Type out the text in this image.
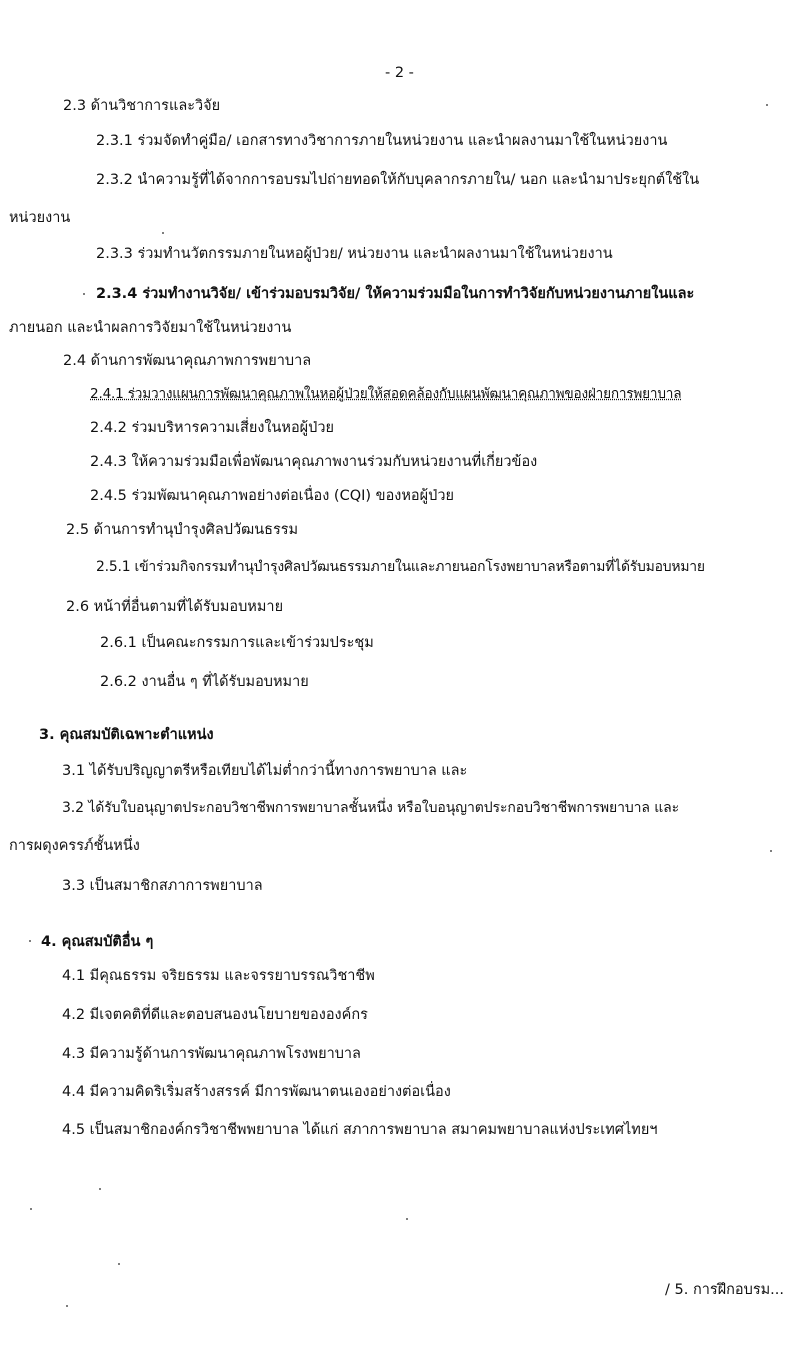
- 2 -
2.3 ด้านวิชาการและวิจัย
2.3.1 ร่วมจัดทำคู่มือ/ เอกสารทางวิชาการภายในหน่วยงาน และนำผลงานมาใช้ในหน่วยงาน
2.3.2 นำความรู้ที่ได้จากการอบรมไปถ่ายทอดให้กับบุคลากรภายใน/ นอก และนำมาประยุกต์ใช้ใน
หน่วยงาน
2.3.3 ร่วมทำนวัตกรรมภายในหอผู้ป่วย/ หน่วยงาน และนำผลงานมาใช้ในหน่วยงาน
2.3.4 ร่วมทำงานวิจัย/ เข้าร่วมอบรมวิจัย/ ให้ความร่วมมือในการทำวิจัยกับหน่วยงานภายในและ
ภายนอก และนำผลการวิจัยมาใช้ในหน่วยงาน
2.4 ด้านการพัฒนาคุณภาพการพยาบาล
2.4.1 ร่วมวางแผนการพัฒนาคุณภาพในหอผู้ป่วยให้สอดคล้องกับแผนพัฒนาคุณภาพของฝ่ายการพยาบาล
2.4.2 ร่วมบริหารความเสี่ยงในหอผู้ป่วย
2.4.3 ให้ความร่วมมือเพื่อพัฒนาคุณภาพงานร่วมกับหน่วยงานที่เกี่ยวข้อง
2.4.5 ร่วมพัฒนาคุณภาพอย่างต่อเนื่อง (CQI) ของหอผู้ป่วย
2.5 ด้านการทำนุบำรุงศิลปวัฒนธรรม
2.5.1 เข้าร่วมกิจกรรมทำนุบำรุงศิลปวัฒนธรรมภายในและภายนอกโรงพยาบาลหรือตามที่ได้รับมอบหมาย
2.6 หน้าที่อื่นตามที่ได้รับมอบหมาย
2.6.1 เป็นคณะกรรมการและเข้าร่วมประชุม
2.6.2 งานอื่น ๆ ที่ได้รับมอบหมาย
3. คุณสมบัติเฉพาะตำแหน่ง
3.1 ได้รับปริญญาตรีหรือเทียบได้ไม่ต่ำกว่านี้ทางการพยาบาล และ
3.2 ได้รับใบอนุญาตประกอบวิชาชีพการพยาบาลชั้นหนึ่ง หรือใบอนุญาตประกอบวิชาชีพการพยาบาล และ
การผดุงครรภ์ชั้นหนึ่ง
3.3 เป็นสมาชิกสภาการพยาบาล
4. คุณสมบัติอื่น ๆ
4.1 มีคุณธรรม จริยธรรม และจรรยาบรรณวิชาชีพ
4.2 มีเจตคติที่ดีและตอบสนองนโยบายขององค์กร
4.3 มีความรู้ด้านการพัฒนาคุณภาพโรงพยาบาล
4.4 มีความคิดริเริ่มสร้างสรรค์ มีการพัฒนาตนเองอย่างต่อเนื่อง
4.5 เป็นสมาชิกองค์กรวิชาชีพพยาบาล ได้แก่ สภาการพยาบาล สมาคมพยาบาลแห่งประเทศไทยฯ
/ 5. การฝึกอบรม...
